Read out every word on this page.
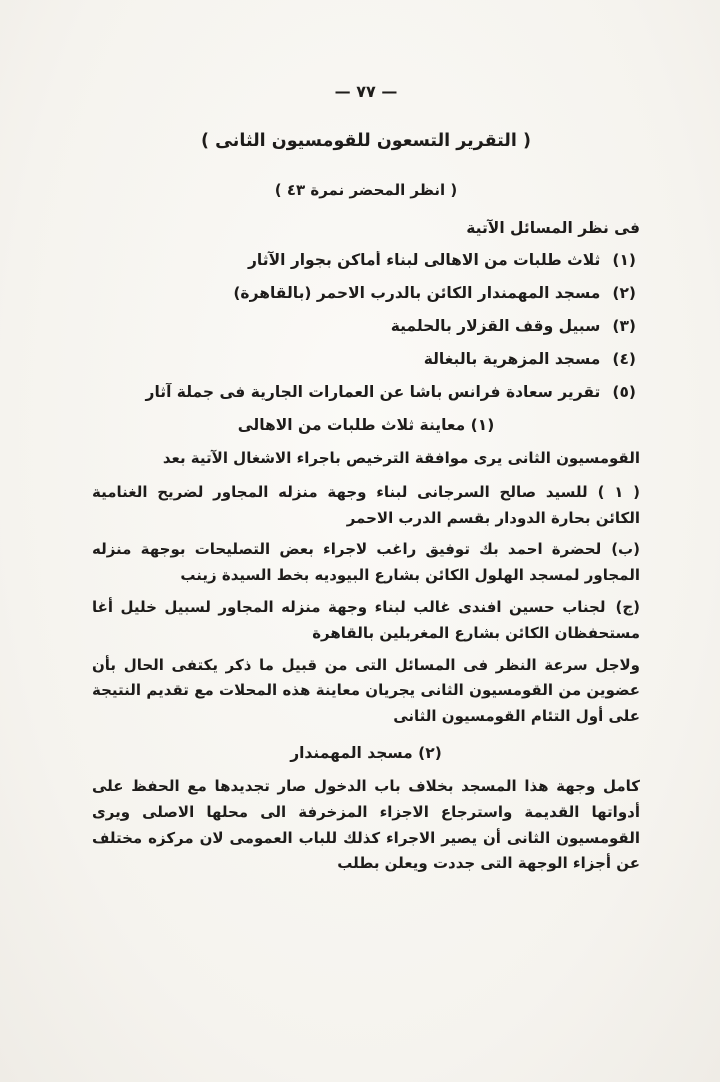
— ٧٧ —
( التقرير التسعون للقومسيون الثانى )
( انظر المحضر نمرة ٤٣ )
فى نظر المسائل الآتية
(١)ثلاث طلبات من الاهالى لبناء أماكن بجوار الآثار
(٢)مسجد المهمندار الكائن بالدرب الاحمر (بالقاهرة)
(٣)سبيل وقف القزلار بالحلمية
(٤)مسجد المزهرية بالبغالة
(٥)تقرير سعادة فرانس باشا عن العمارات الجارية فى جملة آثار
(١) معاينة ثلاث طلبات من الاهالى

القومسيون الثانى يرى موافقة الترخيص باجراء الاشغال الآتية بعد

( ١ )للسيد صالح السرجانى لبناء وجهة منزله المجاور لضريح الغنامية الكائن بحارة الدودار بقسم الدرب الاحمر

(ب)لحضرة احمد بك توفيق راغب لاجراء بعض التصليحات بوجهة منزله المجاور لمسجد الهلول الكائن بشارع البيوديه بخط السيدة زينب

(ج)لجناب حسين افندى غالب لبناء وجهة منزله المجاور لسبيل خليل أغا مستحفظان الكائن بشارع المغربلين بالقاهرة

ولاجل سرعة النظر فى المسائل التى من قبيل ما ذكر يكتفى الحال بأن عضوين من القومسيون الثانى يجريان معاينة هذه المحلات مع تقديم النتيجة على أول التئام القومسيون الثانى

(٢) مسجد المهمندار

كامل وجهة هذا المسجد بخلاف باب الدخول صار تجديدها مع الحفظ على أدواتها القديمة واسترجاع الاجزاء المزخرفة الى محلها الاصلى ويرى القومسيون الثانى أن يصير الاجراء كذلك للباب العمومى لان مركزه مختلف عن أجزاء الوجهة التى جددت ويعلن بطلب
